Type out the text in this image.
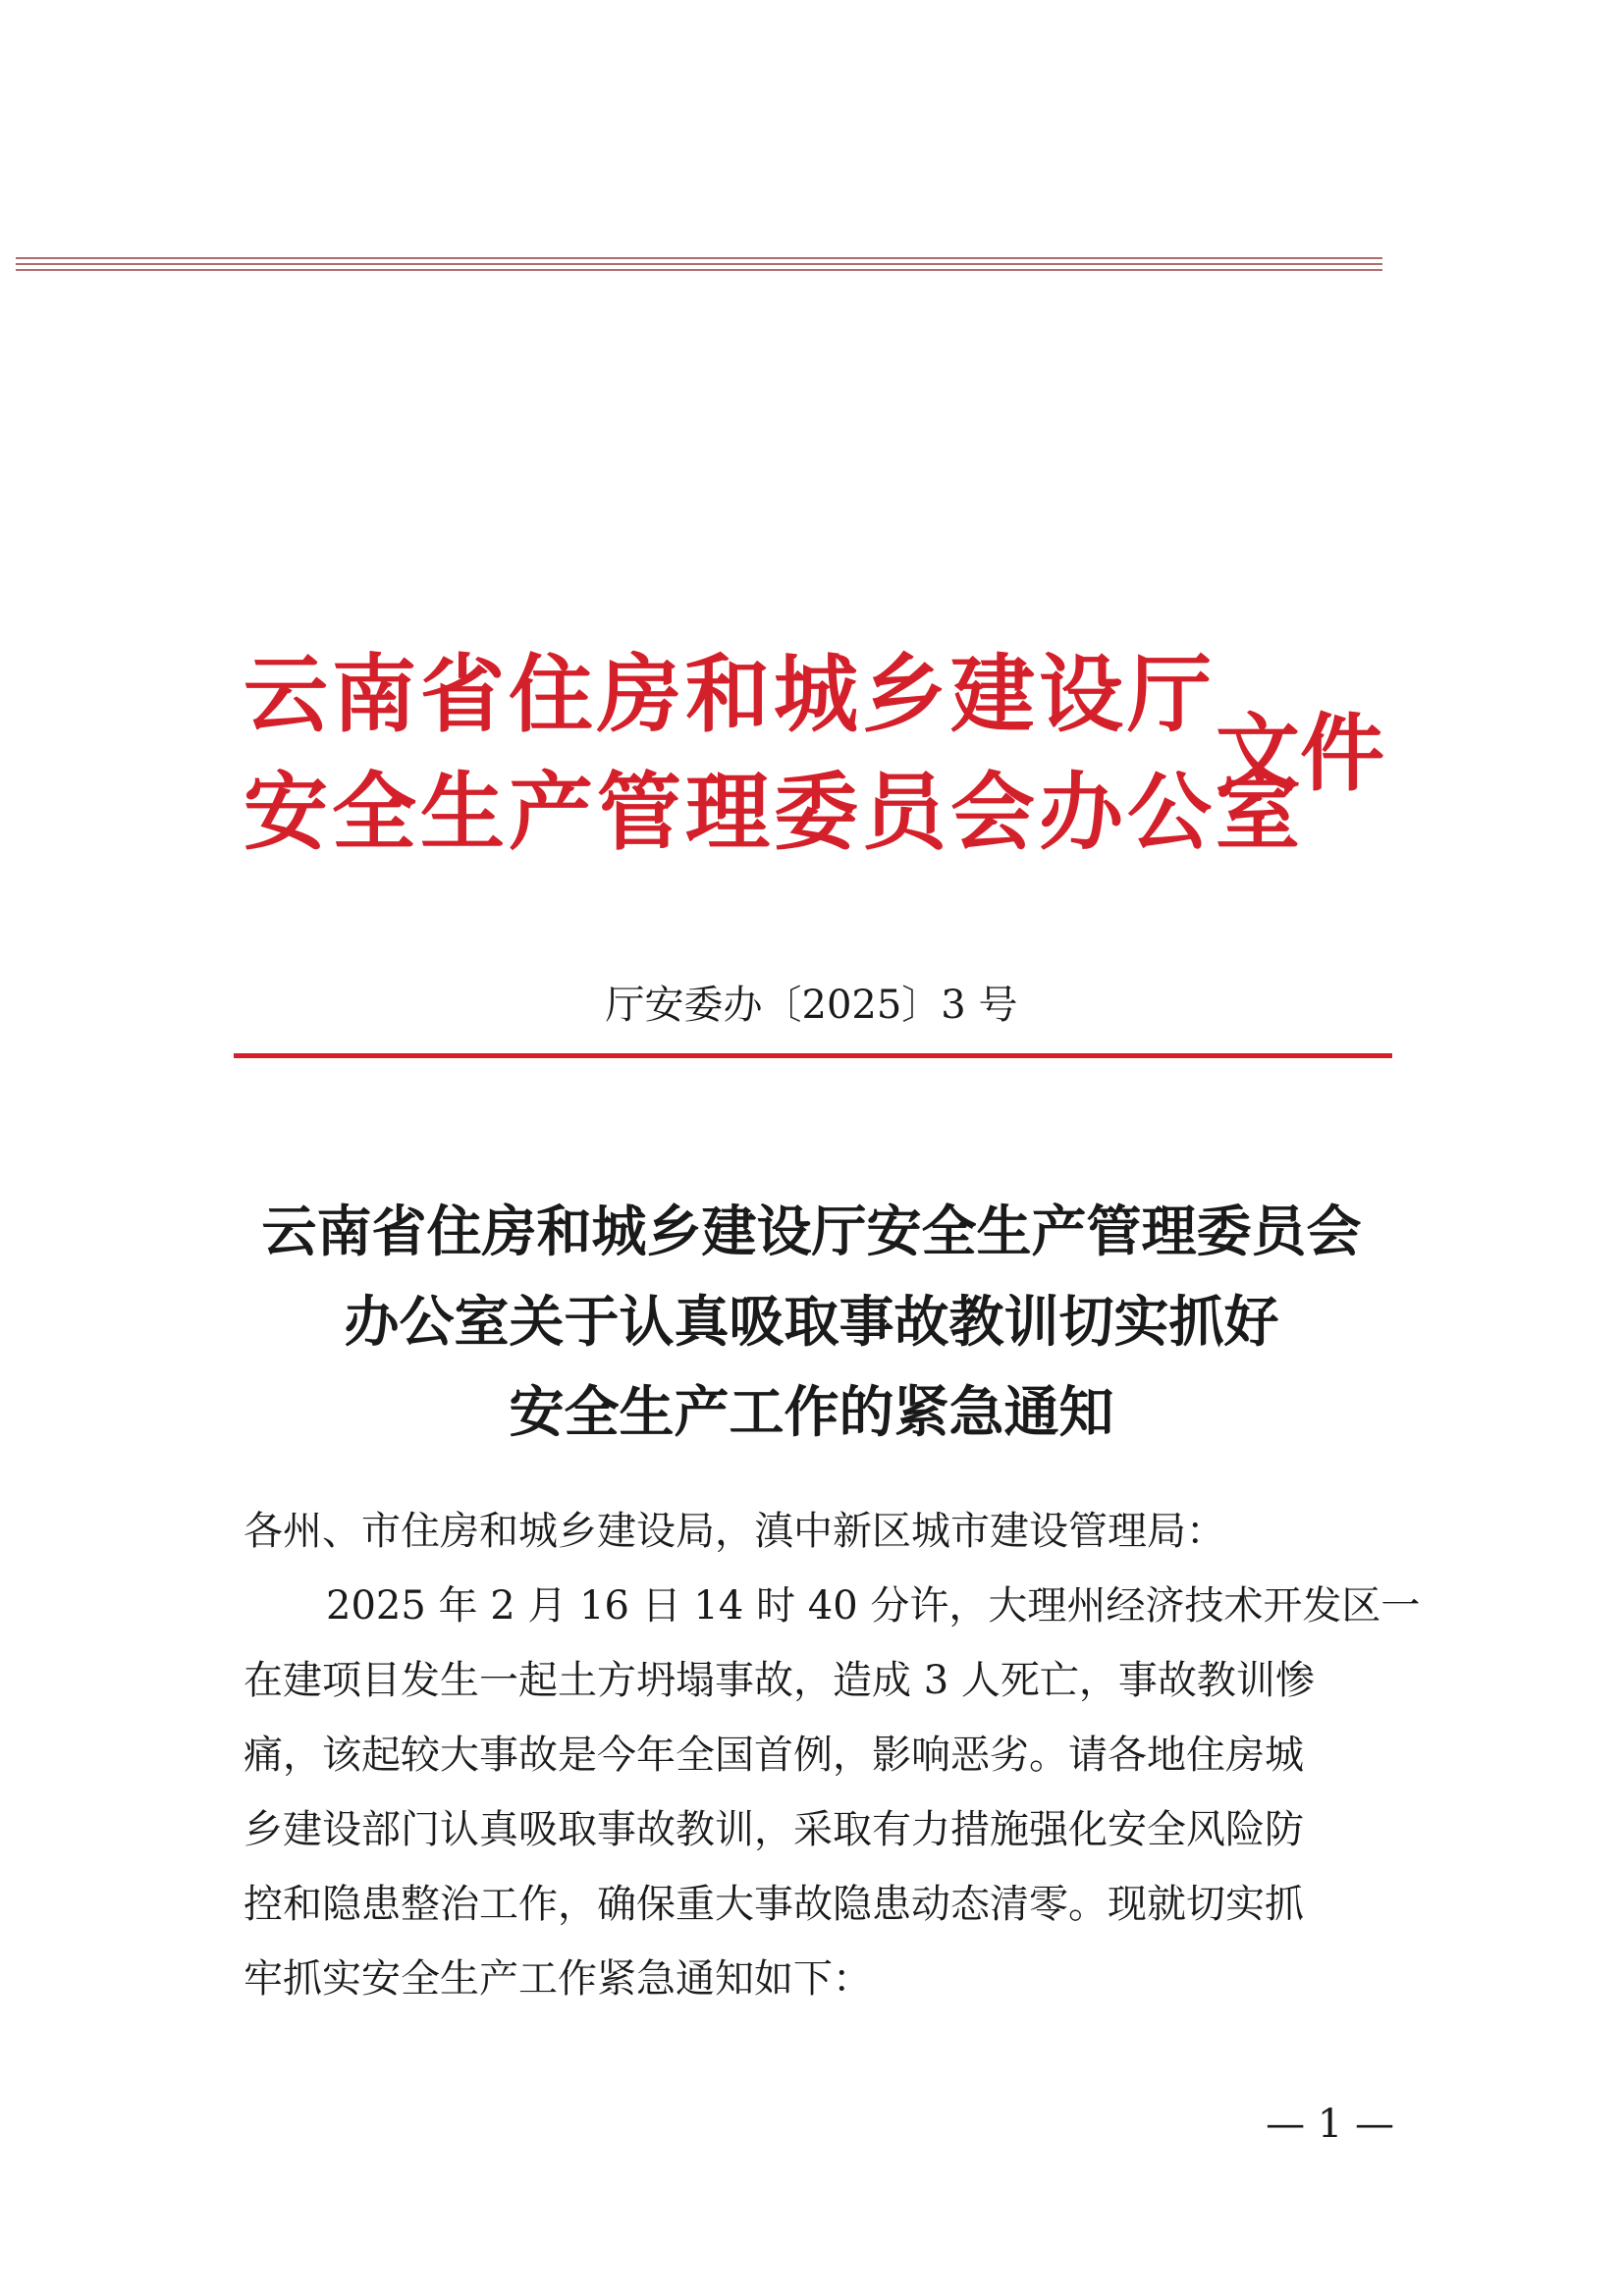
云南省住房和城乡建设厅
安全生产管理委员会办公室
文件
厅安委办〔2025〕3 号
云南省住房和城乡建设厅安全生产管理委员会
办公室关于认真吸取事故教训切实抓好
安全生产工作的紧急通知
各州、市住房和城乡建设局，滇中新区城市建设管理局：
2025 年 2 月 16 日 14 时 40 分许，大理州经济技术开发区一
在建项目发生一起土方坍塌事故，造成 3 人死亡，事故教训惨
痛，该起较大事故是今年全国首例，影响恶劣。请各地住房城
乡建设部门认真吸取事故教训，采取有力措施强化安全风险防
控和隐患整治工作，确保重大事故隐患动态清零。现就切实抓
牢抓实安全生产工作紧急通知如下：
— 1 —
